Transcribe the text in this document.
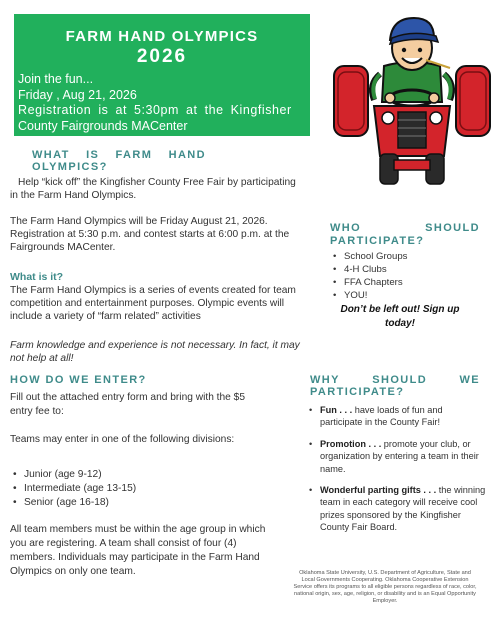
FARM HAND OLYMPICS
2026
Join the fun...
Friday , Aug 21, 2026
Registration is at 5:30pm at the Kingfisher
County Fairgrounds MACenter
WHAT IS FARM HAND
OLYMPICS?
Help “kick off” the Kingfisher County Free Fair by participating in the Farm Hand Olympics.
The Farm Hand Olympics will be Friday August 21, 2026. Registration at 5:30 p.m. and contest starts at 6:00 p.m. at the Fairgrounds MACenter.
What is it?
The Farm Hand Olympics is a series of events created for team competition and entertainment purposes. Olympic events will include a variety of “farm related” activities
Farm knowledge and experience is not necessary. In fact, it may not help at all!
HOW DO WE ENTER?
Fill out the attached entry form and bring with the $5 entry fee to:
Teams may enter in one of the following divisions:
• Junior (age 9-12)
• Intermediate (age 13-15)
• Senior (age 16-18)
All team members must be within the age group in which you are registering. A team shall consist of four (4) members. Individuals may participate in the Farm Hand Olympics on only one team.
WHO	SHOULD
PARTICIPATE?
• School Groups
• 4-H Clubs
• FFA Chapters
• YOU!
Don’t be left out! Sign up today!
WHY	SHOULD	WE
PARTICIPATE?
• Fun . . . have loads of fun and participate in the County Fair!
• Promotion . . . promote your club, or organization by entering a team in their name.
• Wonderful parting gifts . . . the winning team in each category will receive cool prizes sponsored by the Kingfisher County Fair Board.
Oklahoma State University, U.S. Department of Agriculture, State and Local Governments Cooperating. Oklahoma Cooperative Extension Service offers its programs to all eligible persons regardless of race, color, national origin, sex, age, religion, or disability and is an Equal Opportunity Employer.
